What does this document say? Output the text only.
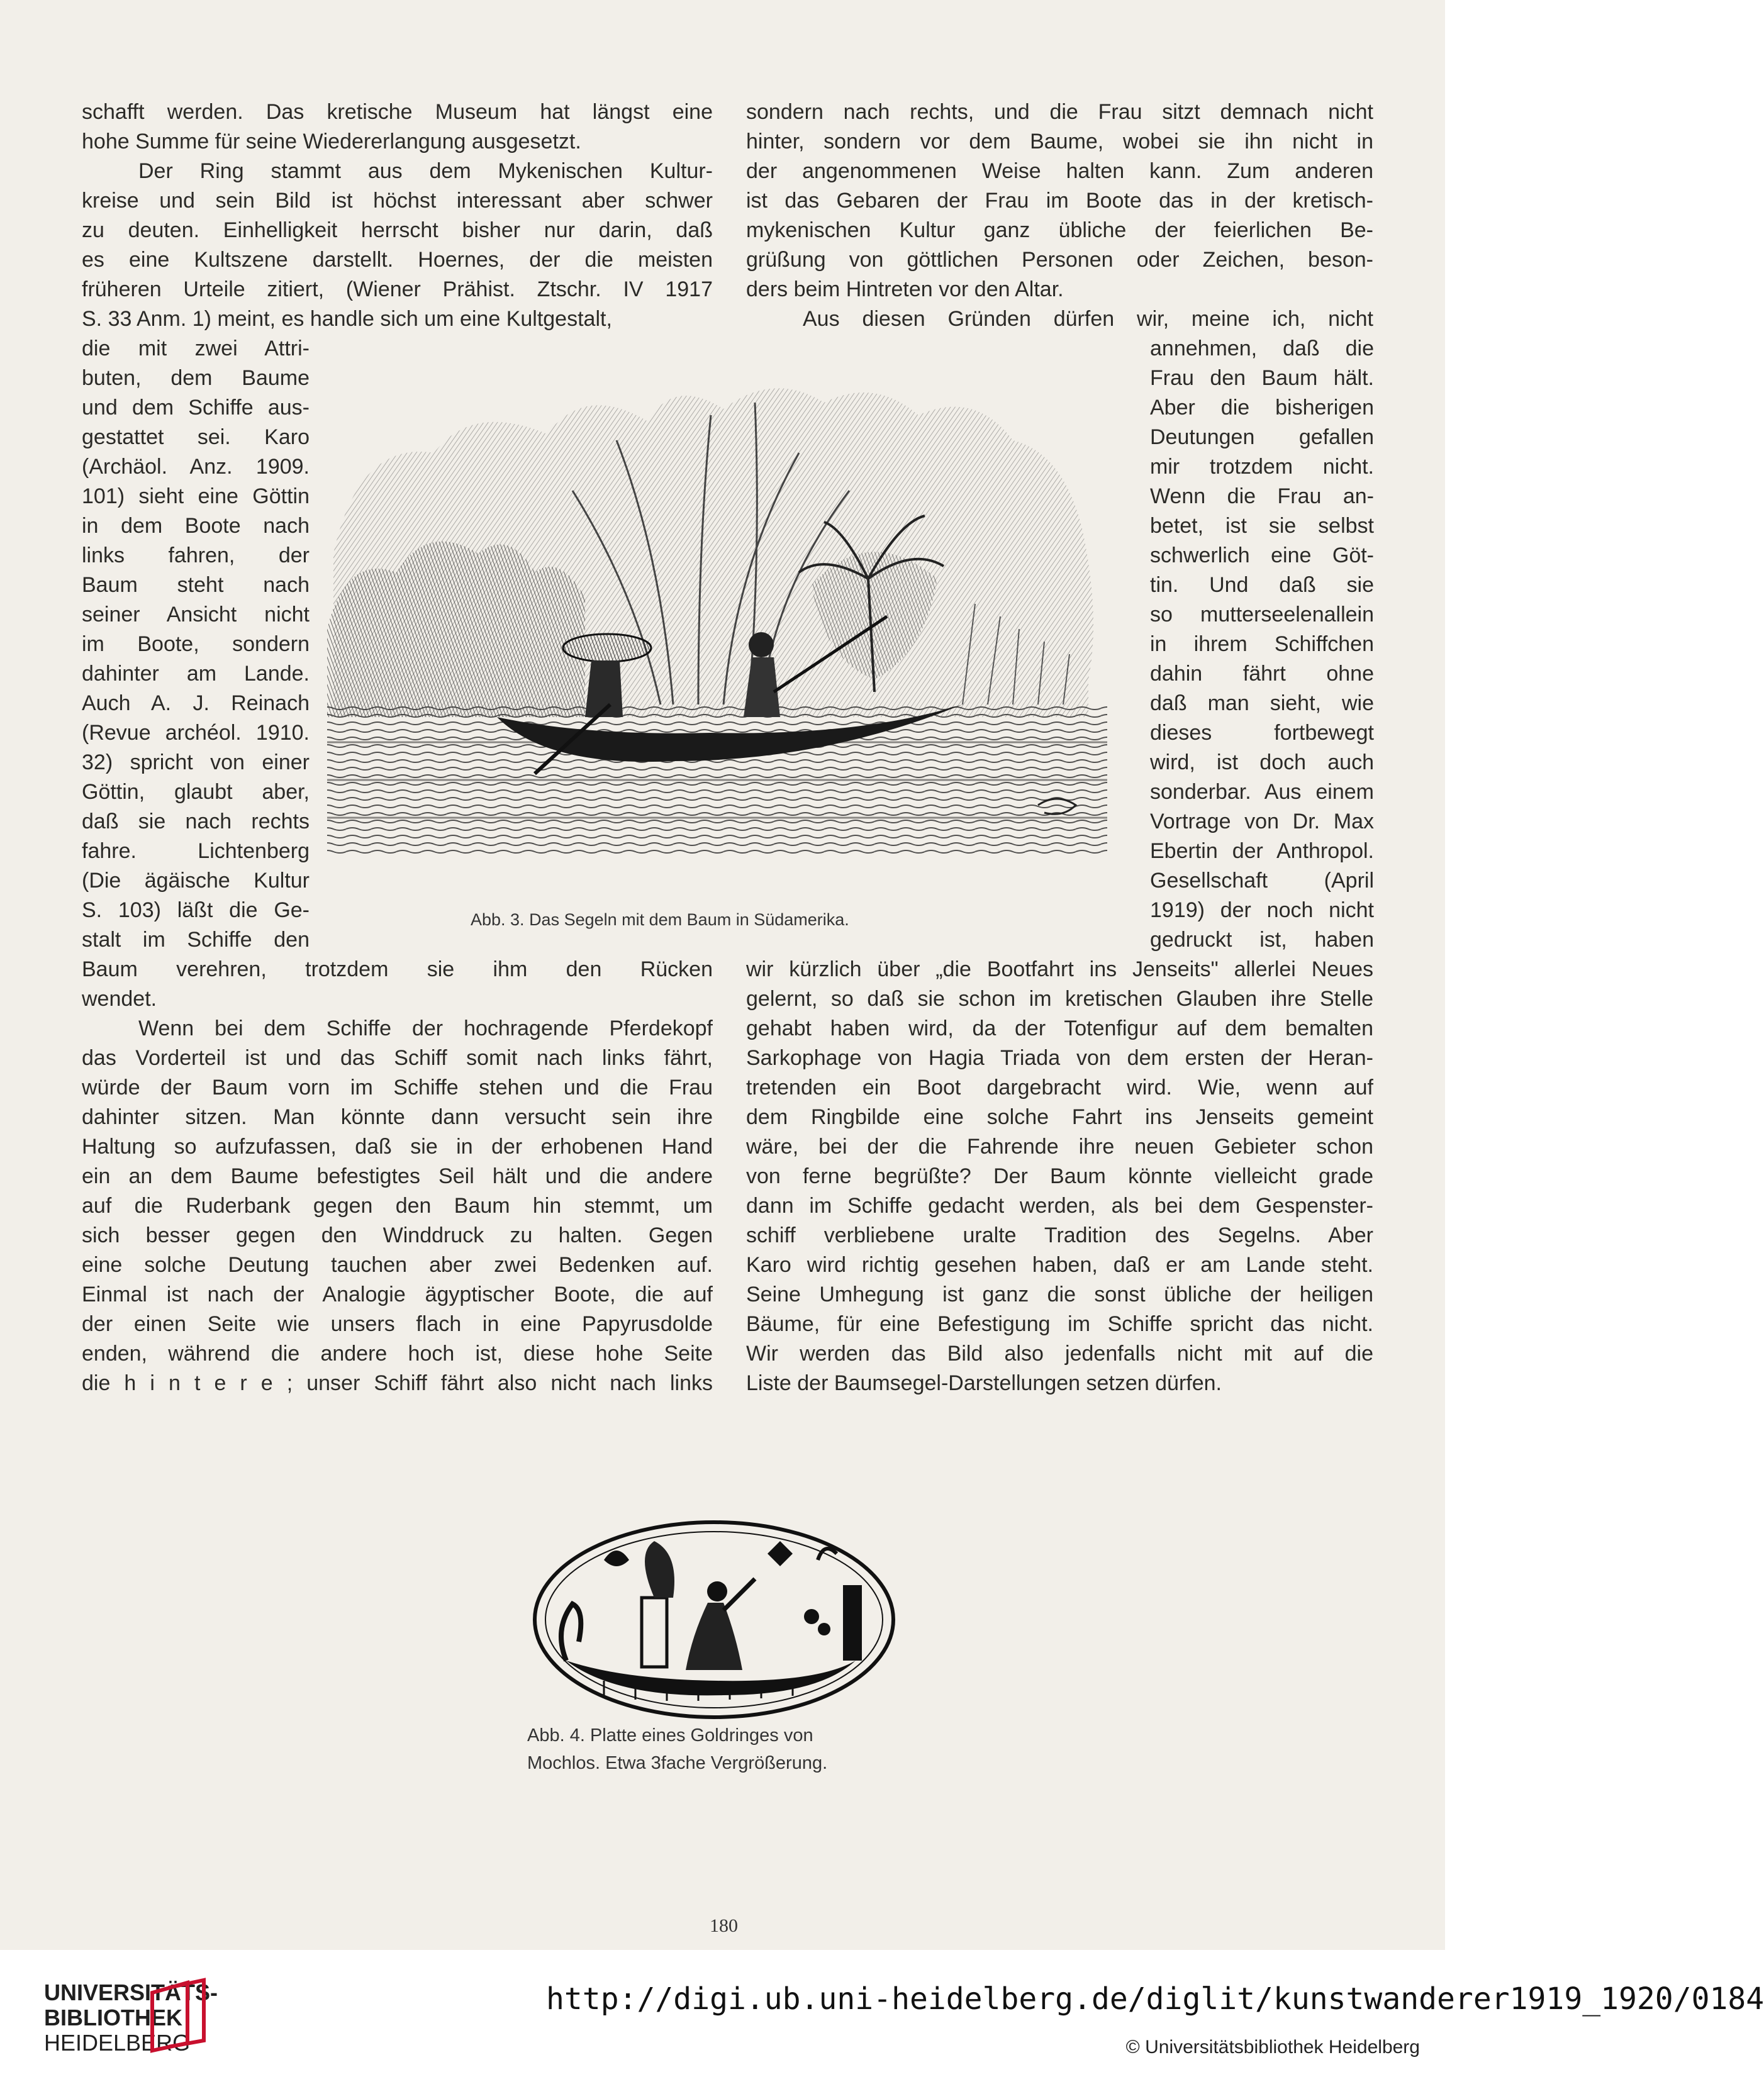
schafft werden. Das kretische Museum hat längst eine
hohe Summe für seine Wiedererlangung ausgesetzt.
Der Ring stammt aus dem Mykenischen Kultur-
kreise und sein Bild ist höchst interessant aber schwer
zu deuten. Einhelligkeit herrscht bisher nur darin, daß
es eine Kultszene darstellt. Hoernes, der die meisten
früheren Urteile zitiert, (Wiener Prähist. Ztschr. IV 1917
S. 33 Anm. 1) meint, es handle sich um eine Kultgestalt,
die mit zwei Attri-
buten, dem Baume
und dem Schiffe aus-
gestattet sei. Karo
(Archäol. Anz. 1909.
101) sieht eine Göttin
in dem Boote nach
links fahren, der
Baum steht nach
seiner Ansicht nicht
im Boote, sondern
dahinter am Lande.
Auch A. J. Reinach
(Revue archéol. 1910.
32) spricht von einer
Göttin, glaubt aber,
daß sie nach rechts
fahre. Lichtenberg
(Die ägäische Kultur
S. 103) läßt die Ge-
stalt im Schiffe den
Baum verehren, trotzdem sie ihm den Rücken
wendet.
Wenn bei dem Schiffe der hochragende Pferdekopf
das Vorderteil ist und das Schiff somit nach links fährt,
würde der Baum vorn im Schiffe stehen und die Frau
dahinter sitzen. Man könnte dann versucht sein ihre
Haltung so aufzufassen, daß sie in der erhobenen Hand
ein an dem Baume befestigtes Seil hält und die andere
auf die Ruderbank gegen den Baum hin stemmt, um
sich besser gegen den Winddruck zu halten. Gegen
eine solche Deutung tauchen aber zwei Bedenken auf.
Einmal ist nach der Analogie ägyptischer Boote, die auf
der einen Seite wie unsers flach in eine Papyrusdolde
enden, während die andere hoch ist, diese hohe Seite
die h i n t e r e ; unser Schiff fährt also nicht nach links
sondern nach rechts, und die Frau sitzt demnach nicht
hinter, sondern vor dem Baume, wobei sie ihn nicht in
der angenommenen Weise halten kann. Zum anderen
ist das Gebaren der Frau im Boote das in der kretisch-
mykenischen Kultur ganz übliche der feierlichen Be-
grüßung von göttlichen Personen oder Zeichen, beson-
ders beim Hintreten vor den Altar.
Aus diesen Gründen dürfen wir, meine ich, nicht
annehmen, daß die
Frau den Baum hält.
Aber die bisherigen
Deutungen gefallen
mir trotzdem nicht.
Wenn die Frau an-
betet, ist sie selbst
schwerlich eine Göt-
tin. Und daß sie
so mutterseelenallein
in ihrem Schiffchen
dahin fährt ohne
daß man sieht, wie
dieses fortbewegt
wird, ist doch auch
sonderbar. Aus einem
Vortrage von Dr. Max
Ebertin der Anthropol.
Gesellschaft (April
1919) der noch nicht
gedruckt ist, haben
wir kürzlich über „die Bootfahrt ins Jenseits" allerlei Neues
gelernt, so daß sie schon im kretischen Glauben ihre Stelle
gehabt haben wird, da der Totenfigur auf dem bemalten
Sarkophage von Hagia Triada von dem ersten der Heran-
tretenden ein Boot dargebracht wird. Wie, wenn auf
dem Ringbilde eine solche Fahrt ins Jenseits gemeint
wäre, bei der die Fahrende ihre neuen Gebieter schon
von ferne begrüßte? Der Baum könnte vielleicht grade
dann im Schiffe gedacht werden, als bei dem Gespenster-
schiff verbliebene uralte Tradition des Segelns. Aber
Karo wird richtig gesehen haben, daß er am Lande steht.
Seine Umhegung ist ganz die sonst übliche der heiligen
Bäume, für eine Befestigung im Schiffe spricht das nicht.
Wir werden das Bild also jedenfalls nicht mit auf die
Liste der Baumsegel-Darstellungen setzen dürfen.
Abb. 3. Das Segeln mit dem Baum in Südamerika.
Abb. 4. Platte eines Goldringes von
Mochlos. Etwa 3fache Vergrößerung.
180
UNIVERSITÄTS-
BIBLIOTHEK
HEIDELBERG
http://digi.ub.uni-heidelberg.de/diglit/kunstwanderer1919_1920/0184
© Universitätsbibliothek Heidelberg
